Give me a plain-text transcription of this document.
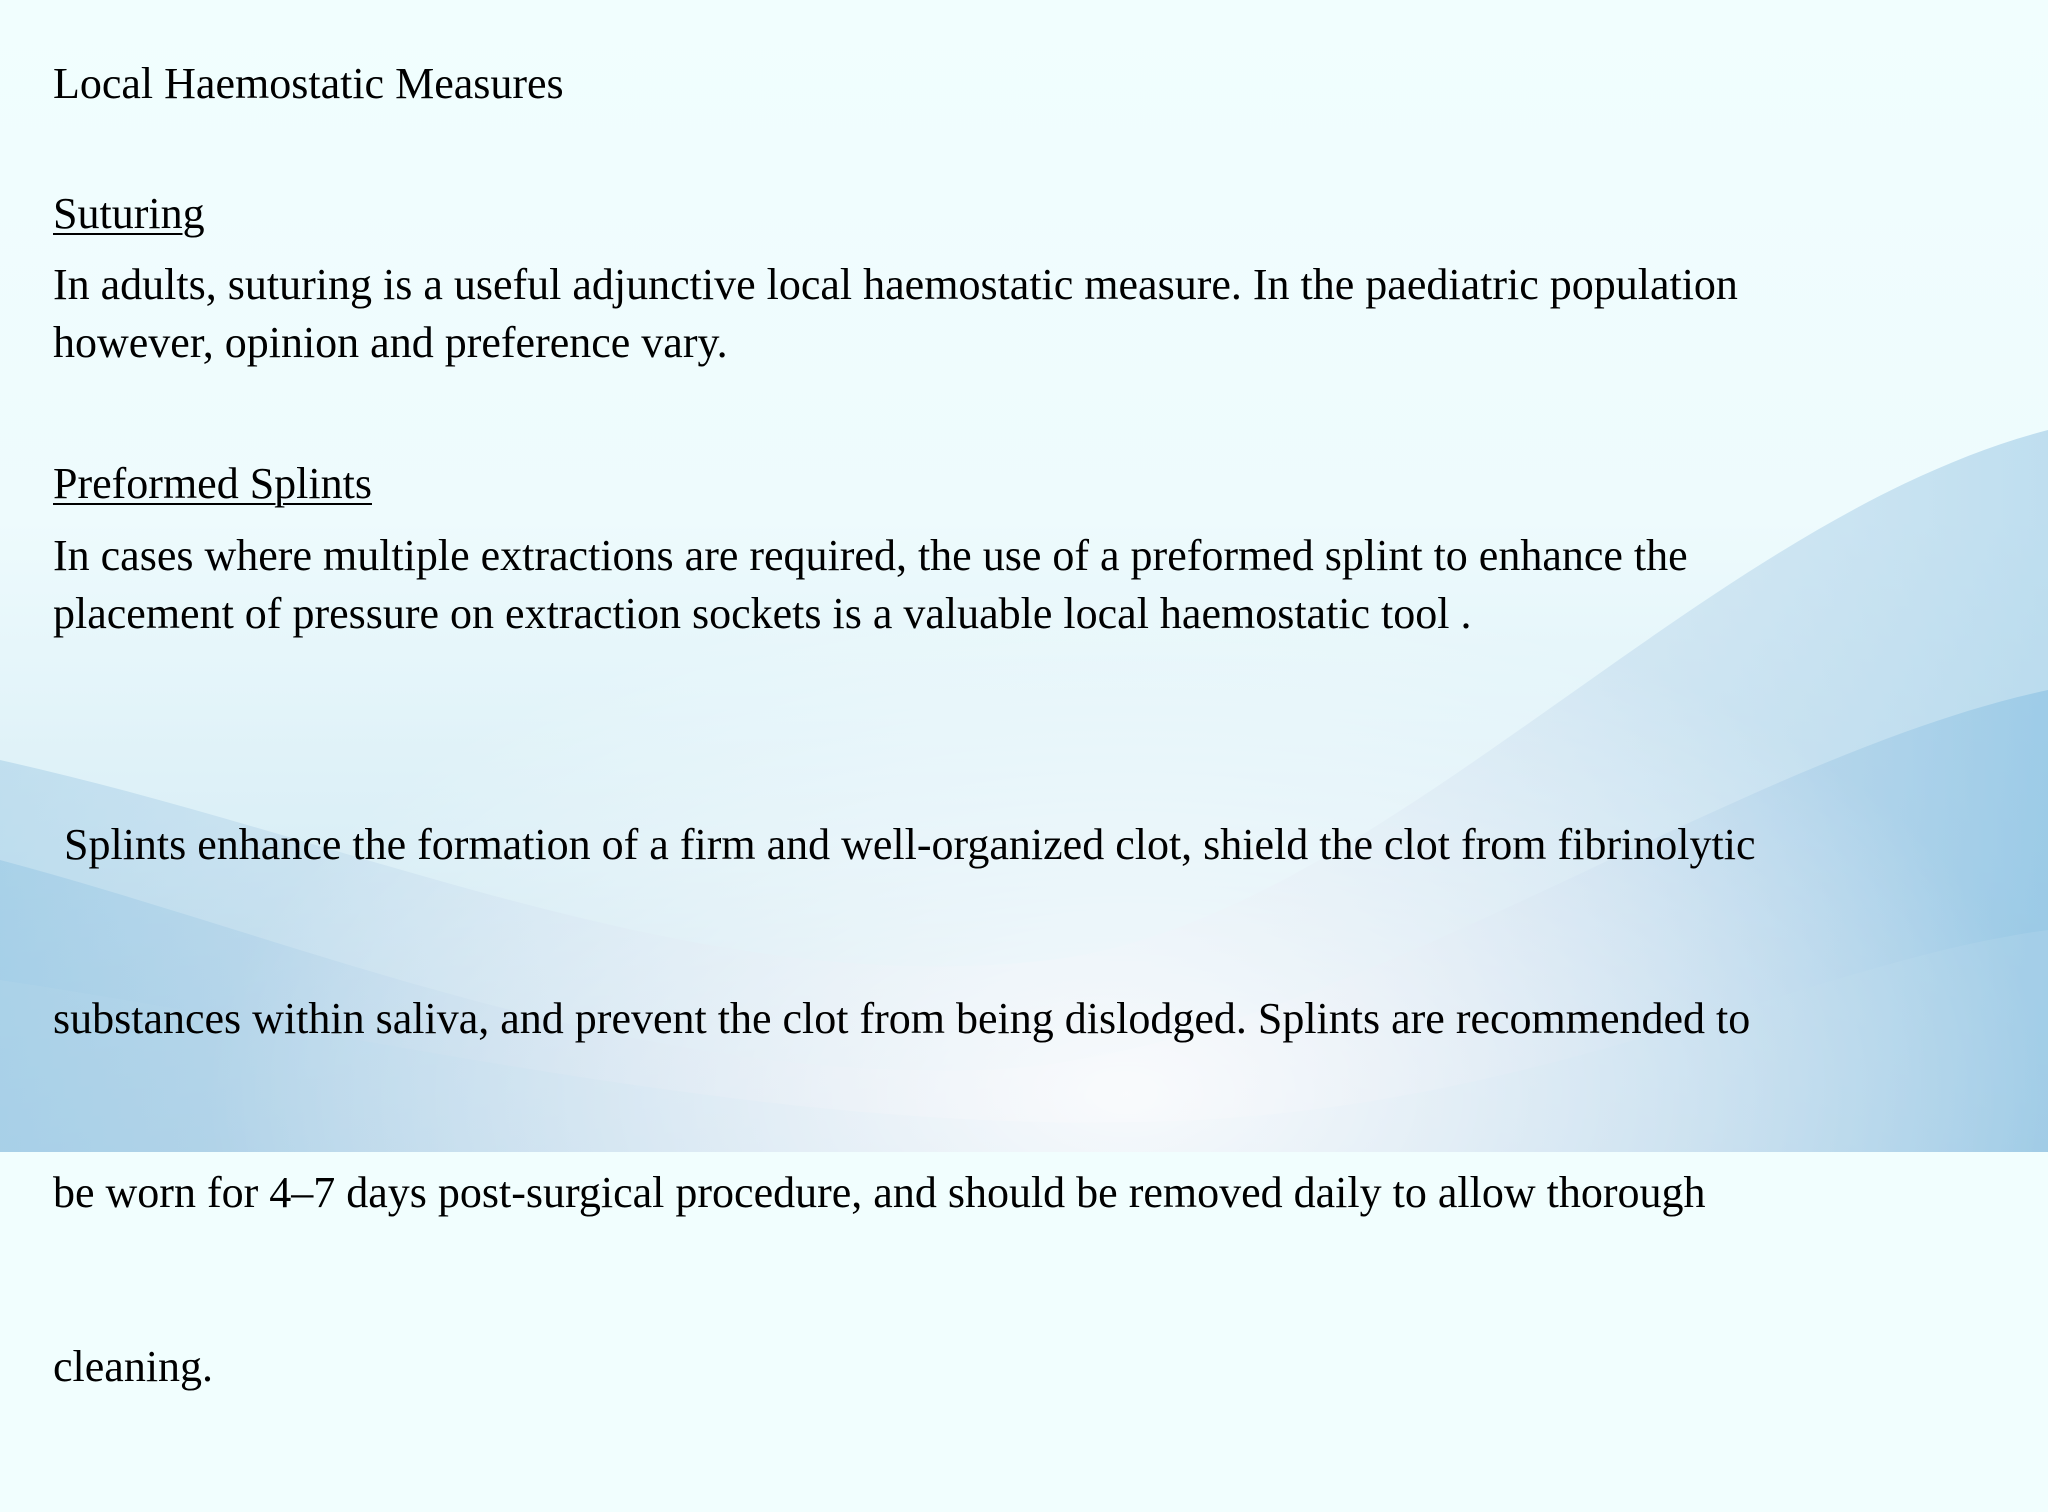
Local Haemostatic Measures
Suturing

In adults, suturing is a useful adjunctive local haemostatic measure. In the paediatric population
however, opinion and preference vary.

Preformed Splints

In cases where multiple extractions are required, the use of a preformed splint to enhance the
placement of pressure on extraction sockets is a valuable local haemostatic tool .

Splints enhance the formation of a firm and well-organized clot, shield the clot from fibrinolytic

substances within saliva, and prevent the clot from being dislodged. Splints are recommended to

be worn for 4–7 days post-surgical procedure, and should be removed daily to allow thorough

cleaning.
